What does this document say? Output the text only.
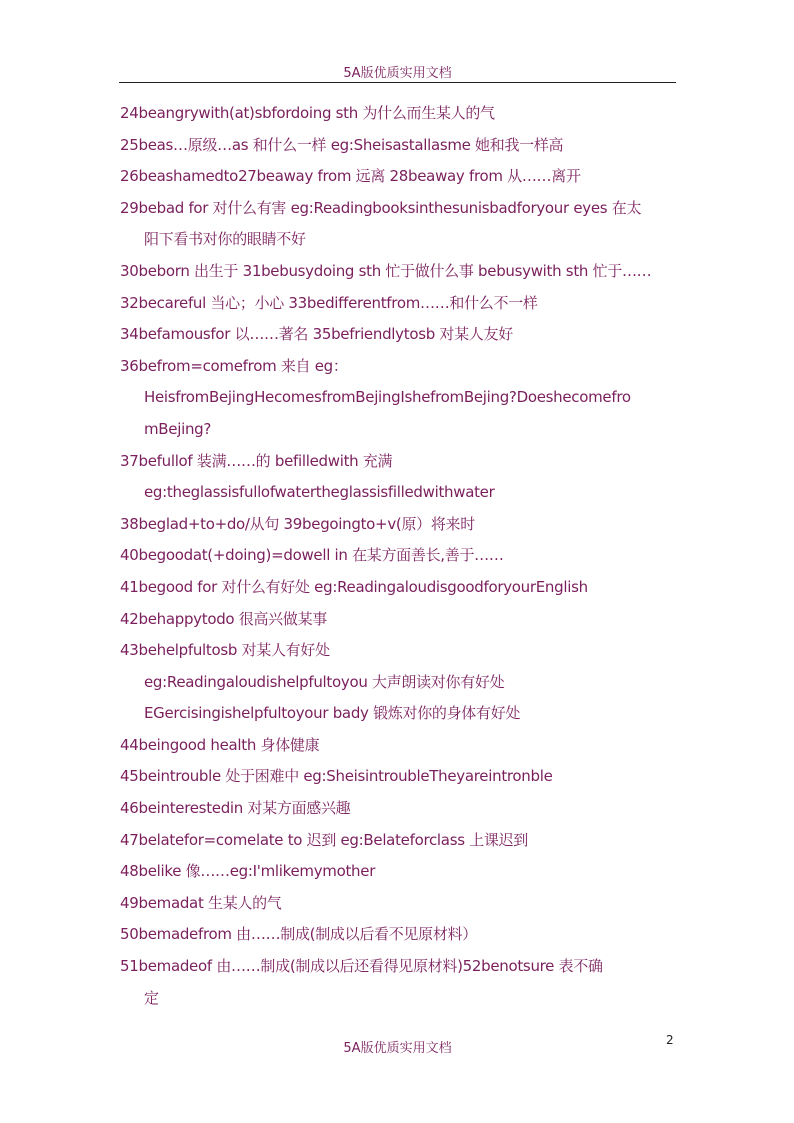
5A版优质实用文档
24beangrywith(at)sbfordoing sth 为什么而生某人的气
25beas…原级…as 和什么一样 eg:Sheisastallasme 她和我一样高
26beashamedto27beaway from 远离 28beaway from 从……离开
29bebad for 对什么有害 eg:Readingbooksinthesunisbadforyour eyes 在太
阳下看书对你的眼睛不好
30beborn 出生于 31bebusydoing sth 忙于做什么事 bebusywith sth 忙于……
32becareful 当心；小心 33bedifferentfrom……和什么不一样
34befamousfor 以……著名 35befriendlytosb 对某人友好
36befrom=comefrom 来自 eg：
HeisfromBejingHecomesfromBejingIshefromBejing?Doeshecomefro
mBejing?
37befullof 装满……的 befilledwith 充满
eg:theglassisfullofwatertheglassisfilledwithwater
38beglad+to+do/从句 39begoingto+v(原）将来时
40begoodat(+doing)=dowell in 在某方面善长,善于……
41begood for 对什么有好处 eg:ReadingaloudisgoodforyourEnglish
42behappytodo 很高兴做某事
43behelpfultosb 对某人有好处
eg:Readingaloudishelpfultoyou 大声朗读对你有好处
EGercisingishelpfultoyour bady 锻炼对你的身体有好处
44beingood health 身体健康
45beintrouble 处于困难中 eg:SheisintroubleTheyareintronble
46beinterestedin 对某方面感兴趣
47belatefor=comelate to 迟到 eg:Belateforclass 上课迟到
48belike 像……eg:I'mlikemymother
49bemadat 生某人的气
50bemadefrom 由……制成(制成以后看不见原材料）
51bemadeof 由……制成(制成以后还看得见原材料)52benotsure 表不确
定
2
5A版优质实用文档
